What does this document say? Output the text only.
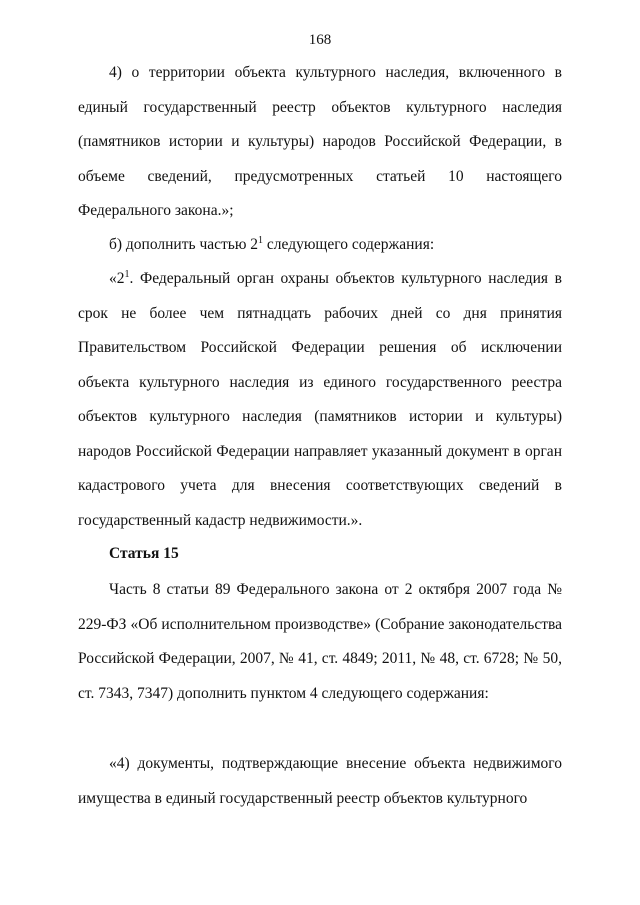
168
4) о территории объекта культурного наследия, включенного в единый государственный реестр объектов культурного наследия (памятников истории и культуры) народов Российской Федерации, в объеме сведений, предусмотренных статьей 10 настоящего Федерального закона.»;
б) дополнить частью $2^1$ следующего содержания:
«$2^1$. Федеральный орган охраны объектов культурного наследия в срок не более чем пятнадцать рабочих дней со дня принятия Правительством Российской Федерации решения об исключении объекта культурного наследия из единого государственного реестра объектов культурного наследия (памятников истории и культуры) народов Российской Федерации направляет указанный документ в орган кадастрового учета для внесения соответствующих сведений в государственный кадастр недвижимости.».
Статья 15
Часть 8 статьи 89 Федерального закона от 2 октября 2007 года № 229-ФЗ «Об исполнительном производстве» (Собрание законодательства Российской Федерации, 2007, № 41, ст. 4849; 2011, № 48, ст. 6728; № 50, ст. 7343, 7347) дополнить пунктом 4 следующего содержания:
«4) документы, подтверждающие внесение объекта недвижимого имущества в единый государственный реестр объектов культурного
